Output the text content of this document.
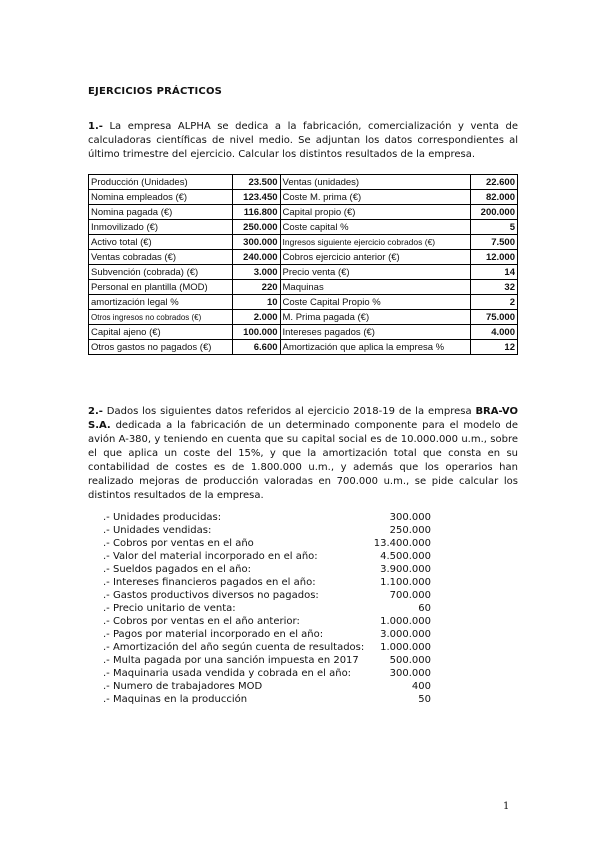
EJERCICIOS PRÁCTICOS
1.- La empresa ALPHA se dedica a la fabricación, comercialización y venta de calculadoras científicas de nivel medio. Se adjuntan los datos correspondientes al último trimestre del ejercicio. Calcular los distintos resultados de la empresa.
Producción (Unidades)	23.500	Ventas (unidades)	22.600
Nomina empleados (€)	123.450	Coste M. prima (€)	82.000
Nomina pagada (€)	116.800	Capital propio (€)	200.000
Inmovilizado (€)	250.000	Coste capital %	5
Activo total (€)	300.000	Ingresos siguiente ejercicio cobrados (€)	7.500
Ventas cobradas (€)	240.000	Cobros ejercicio anterior (€)	12.000
Subvención (cobrada) (€)	3.000	Precio venta (€)	14
Personal en plantilla (MOD)	220	Maquinas	32
amortización legal %	10	Coste Capital Propio %	2
Otros ingresos no cobrados (€)	2.000	M. Prima pagada (€)	75.000
Capital ajeno (€)	100.000	Intereses pagados (€)	4.000
Otros gastos no pagados (€)	6.600	Amortización que aplica la empresa %	12
2.- Dados los siguientes datos referidos al ejercicio 2018-19 de la empresa BRA-VO S.A. dedicada a la fabricación de un determinado componente para el modelo de avión A-380, y teniendo en cuenta que su capital social es de 10.000.000 u.m., sobre el que aplica un coste del 15%, y que la amortización total que consta en su contabilidad de costes es de 1.800.000 u.m., y además que los operarios han realizado mejoras de producción valoradas en 700.000 u.m., se pide calcular los distintos resultados de la empresa.
.- Unidades producidas:	300.000
.- Unidades vendidas:	250.000
.- Cobros por ventas en el año	13.400.000
.- Valor del material incorporado en el año:	4.500.000
.- Sueldos pagados en el año:	3.900.000
.- Intereses financieros pagados en el año:	1.100.000
.- Gastos productivos diversos no pagados:	700.000
.- Precio unitario de venta:	60
.- Cobros por ventas en el año anterior:	1.000.000
.- Pagos por material incorporado en el año:	3.000.000
.- Amortización del año según cuenta de resultados: 1.000.000
.- Multa pagada por una sanción impuesta en 2017	500.000
.- Maquinaria usada vendida y cobrada en el año:	300.000
.- Numero de trabajadores MOD	400
.- Maquinas en la producción	50
1
